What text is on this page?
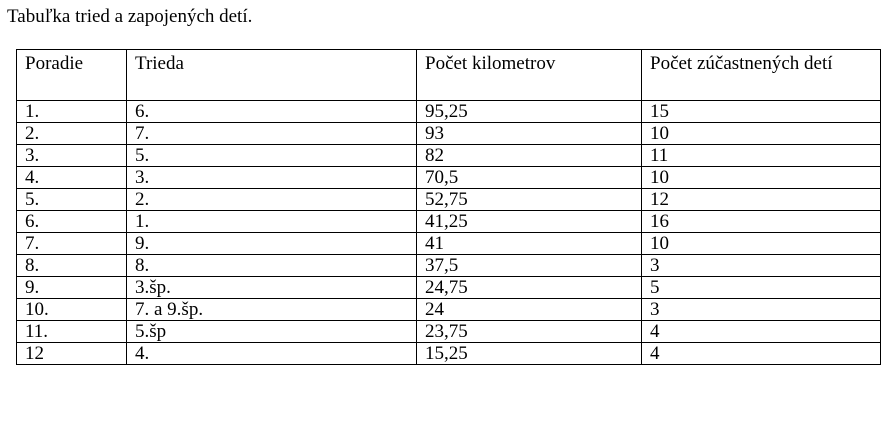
Tabuľka tried a zapojených detí.
Poradie	Trieda	Počet kilometrov	Počet zúčastnených detí
1.	6.	95,25	15
2.	7.	93	10
3.	5.	82	11
4.	3.	70,5	10
5.	2.	52,75	12
6.	1.	41,25	16
7.	9.	41	10
8.	8.	37,5	3
9.	3.šp.	24,75	5
10.	7. a 9.šp.	24	3
11.	5.šp	23,75	4
12	4.	15,25	4
